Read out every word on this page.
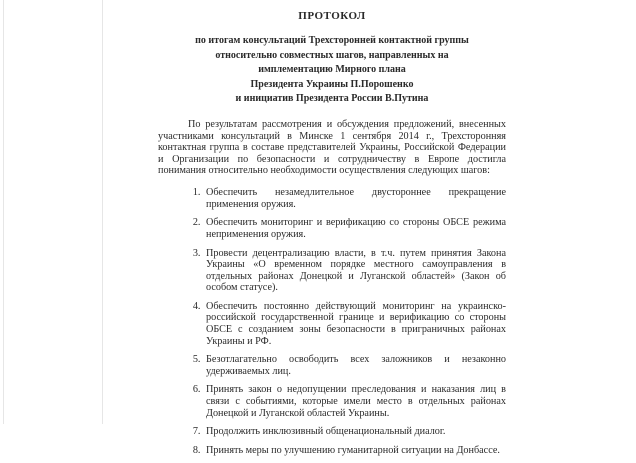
ПРОТОКОЛ
по итогам консультаций Трехсторонней контактной группы
относительно совместных шагов, направленных на
имплементацию Мирного плана
Президента Украины П.Порошенко
и инициатив Президента России В.Путина

По результатам рассмотрения и обсуждения предложений, внесенных участниками консультаций в Минске 1 сентября 2014 г., Трехсторонняя контактная группа в составе представителей Украины, Российской Федерации и Организации по безопасности и сотрудничеству в Европе достигла понимания относительно необходимости осуществления следующих шагов:

1. Обеспечить незамедлительное двустороннее прекращение применения оружия.
2. Обеспечить мониторинг и верификацию со стороны ОБСЕ режима неприменения оружия.
3. Провести децентрализацию власти, в т.ч. путем принятия Закона Украины «О временном порядке местного самоуправления в отдельных районах Донецкой и Луганской областей» (Закон об особом статусе).
4. Обеспечить постоянно действующий мониторинг на украинско-российской государственной границе и верификацию со стороны ОБСЕ с созданием зоны безопасности в приграничных районах Украины и РФ.
5. Безотлагательно освободить всех заложников и незаконно удерживаемых лиц.
6. Принять закон о недопущении преследования и наказания лиц в связи с событиями, которые имели место в отдельных районах Донецкой и Луганской областей Украины.
7. Продолжить инклюзивный общенациональный диалог.
8. Принять меры по улучшению гуманитарной ситуации на Донбассе.
